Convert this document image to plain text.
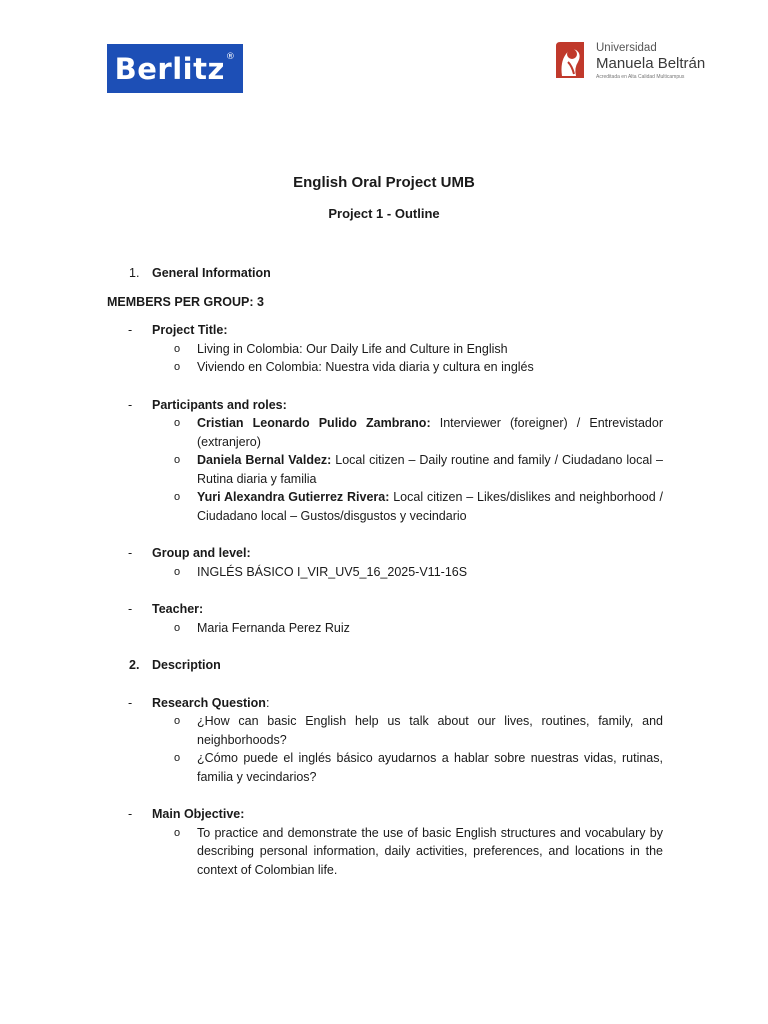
Berlitz ®
Universidad
Manuela Beltrán
Acreditada en Alta Calidad Multicampus
English Oral Project UMB
Project 1 - Outline
1.	General Information
MEMBERS PER GROUP: 3
-	Project Title:
o	Living in Colombia: Our Daily Life and Culture in English
o	Viviendo en Colombia: Nuestra vida diaria y cultura en inglés
-	Participants and roles:
o	Cristian Leonardo Pulido Zambrano: Interviewer (foreigner) / Entrevistador (extranjero)
o	Daniela Bernal Valdez: Local citizen – Daily routine and family / Ciudadano local – Rutina diaria y familia
o	Yuri Alexandra Gutierrez Rivera: Local citizen – Likes/dislikes and neighborhood / Ciudadano local – Gustos/disgustos y vecindario
-	Group and level:
o	INGLÉS BÁSICO I_VIR_UV5_16_2025-V11-16S
-	Teacher:
o	Maria Fernanda Perez Ruiz
2.	Description
-	Research Question:
o	¿How can basic English help us talk about our lives, routines, family, and neighborhoods?
o	¿Cómo puede el inglés básico ayudarnos a hablar sobre nuestras vidas, rutinas, familia y vecindarios?
-	Main Objective:
o	To practice and demonstrate the use of basic English structures and vocabulary by describing personal information, daily activities, preferences, and locations in the context of Colombian life.
